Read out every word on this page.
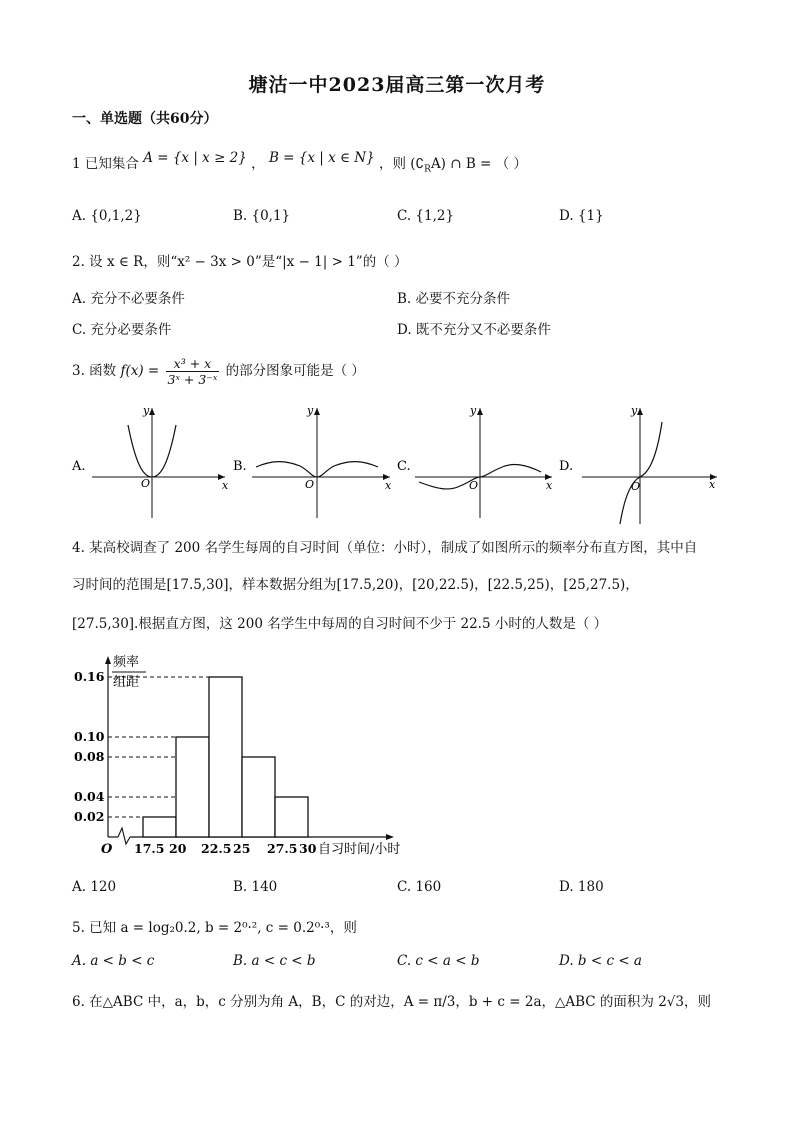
塘沽一中2023届高三第一次月考
一、单选题（共60分）
1 已知集合 A = {x | x ≥ 2} ， B = {x | x ∈ N} ，则 $(∁_RA)$ ∩ B = （ ）
A. {0,1,2}	B. {0,1}	C. {1,2}	D. {1}
2. 设 x ∈ R，则“x² − 3x > 0”是“|x − 1| > 1”的（ ）
A. 充分不必要条件	B. 必要不充分条件
C. 充分必要条件	D. 既不充分又不必要条件
3. 函数 $f(x) = \frac{\text{x³ + x}}{\text{3ˣ + 3⁻ˣ}}$ 的部分图象可能是（ ）
A.
x
y
O
B.
x
y
O
C.
x
y
O
D.
x
y
O
4. 某高校调查了 200 名学生每周的自习时间（单位：小时），制成了如图所示的频率分布直方图，其中自
习时间的范围是[17.5,30]，样本数据分组为[17.5,20)，[20,22.5)，[22.5,25)，[25,27.5)，
[27.5,30].根据直方图，这 200 名学生中每周的自习时间不少于 22.5 小时的人数是（ ）
频率
组距
O	自习时间/小时
0.16
0.10
0.08
0.04
0.02
17.5 20 22.5 25 27.5 30
A. 120	B. 140	C. 160	D. 180
5. 已知 a = log₂0.2, b = 2⁰·², c = 0.2⁰·³，则
A. a < b < c	B. a < c < b	C. c < a < b	D. b < c < a
6. 在△ABC 中，a，b，c 分别为角 A，B，C 的对边，A = π/3，b + c = 2a，△ABC 的面积为 2√3，则
